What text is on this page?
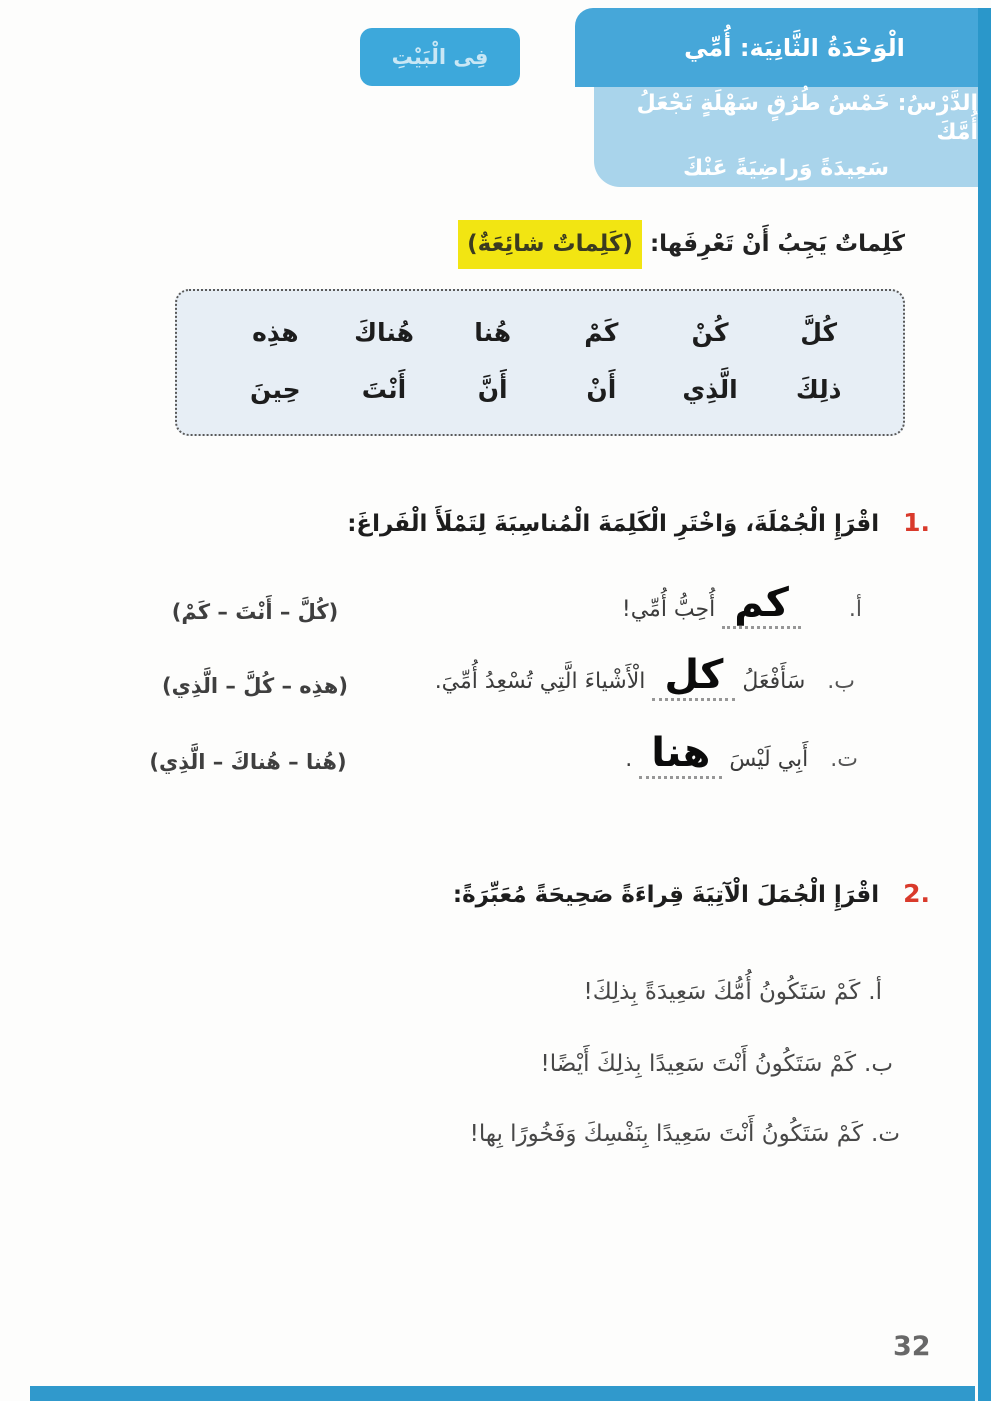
الْوَحْدَةُ الثَّانِيَة: أُمِّي
الدَّرْسُ: خَمْسُ طُرُقٍ سَهْلَةٍ تَجْعَلُ أُمَّكَ
سَعِيدَةً وَراضِيَةً عَنْكَ
فِى الْبَيْتِ
كَلِماتٌ يَجِبُ أَنْ تَعْرِفَها:
(كَلِماتٌ شائِعَةٌ)
كُلَّ
كُنْ
كَمْ
هُنا
هُناكَ
هذِه
ذلِكَ
الَّذِي
أَنْ
أَنَّ
أَنْتَ
حِينَ
1. اقْرَإِ الْجُمْلَةَ، وَاخْتَرِ الْكَلِمَةَ الْمُناسِبَةَ لِتَمْلَأَ الْفَراغَ:
أ.كم أُحِبُّ أُمِّي!
(كُلَّ – أَنْتَ – كَمْ)
ب.سَأَفْعَلُ كل الْأَشْياءَ الَّتِي تُسْعِدُ أُمِّيَ.
(هذِه – كُلَّ – الَّذِي)
ت.أَبِي لَيْسَ هنا .
(هُنا – هُناكَ – الَّذِي)
2. اقْرَإِ الْجُمَلَ الْآتِيَةَ قِراءَةً صَحِيحَةً مُعَبِّرَةً:
أ.كَمْ سَتَكُونُ أُمُّكَ سَعِيدَةً بِذلِكَ!
ب.كَمْ سَتَكُونُ أَنْتَ سَعِيدًا بِذلِكَ أَيْضًا!
ت.كَمْ سَتَكُونُ أَنْتَ سَعِيدًا بِنَفْسِكَ وَفَخُورًا بِها!
32
